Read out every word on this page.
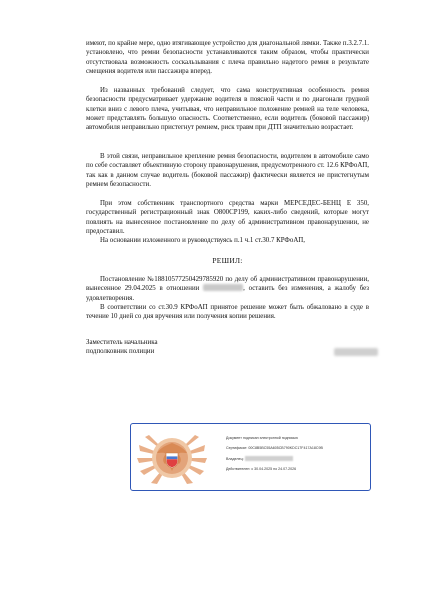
имеют, по крайне мере, одно втягивающее устройство для диагональной лямки. Также п.3.2.7.1. установлено, что ремни безопасности устанавливаются таким образом, чтобы практически отсутствовала возможность соскальзывания с плеча правильно надетого ремня в результате смещения водителя или пассажира вперед.

Из названных требований следует, что сама конструктивная особенность ремня безопасности предусматривает удержание водителя в поясной части и по диагонали грудной клетки вниз с левого плеча, учитывая, что неправильное положение ремней на теле человека, может представлять большую опасность. Соответственно, если водитель (боковой пассажир) автомобиля неправильно пристегнут ремнем, риск травм при ДТП значительно возрастает.

В этой связи, неправильное крепление ремня безопасности, водителем в автомобиле само по себе составляет объективную сторону правонарушения, предусмотренного ст. 12.6 КРФоАП, так как в данном случае водитель (боковой пассажир) фактически является не пристегнутым ремнем безопасности.

При этом собственник транспортного средства марки МЕРСЕДЕС-БЕНЦ Е 350, государственный регистрационный знак О800СР199, каких-либо сведений, которые могут повлиять на вынесенное постановление по делу об административном правонарушении, не предоставил.

На основании изложенного и руководствуясь п.1 ч.1 ст.30.7 КРФоАП,

РЕШИЛ:

Постановление №18810577250429785920 по делу об административном правонарушении, вынесенное 29.04.2025 в отношении	, оставить без изменения, а жалобу без удовлетворения.

В соответствии со ст.30.9 КРФоАП принятое решение может быть обжаловано в суде в течение 10 дней со дня вручения или получения копии решения.

Заместитель начальника
подполковник полиции

Документ подписан электронной подписью

Сертификат: 00C8B5BC55A605CB790KDC17F417A18C9B

Владелец:

Действителен: с 30.04.2025 по 24.07.2026
